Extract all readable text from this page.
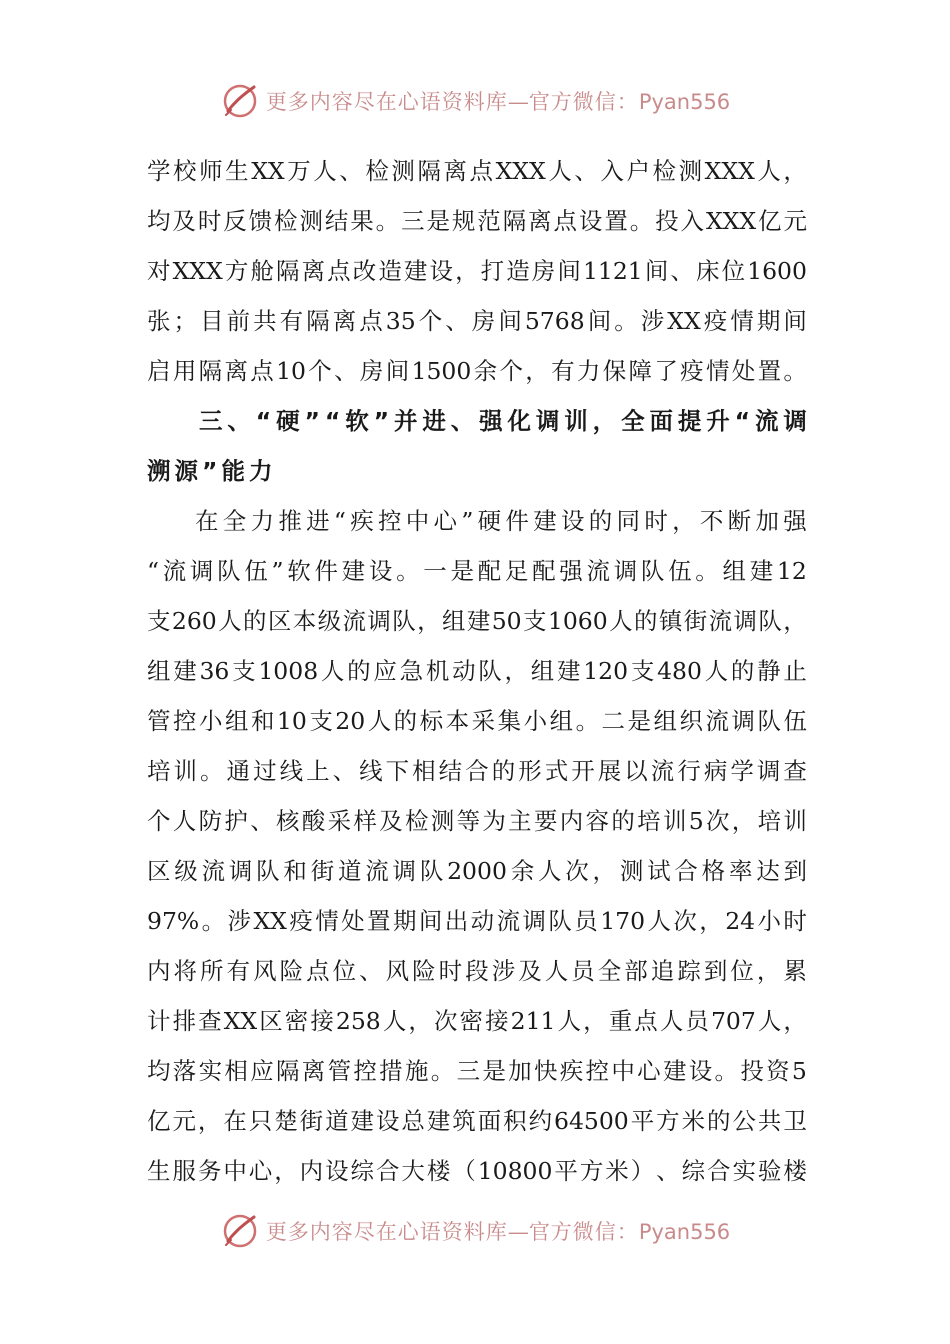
更多内容尽在心语资料库—官方微信：Pyan556
学 校 师 生 XX 万 人 、 检 测 隔 离 点 XXX 人 、 入 户 检 测 XXX 人 ，
均 及 时 反 馈 检 测 结 果 。 三 是 规 范 隔 离 点 设 置 。 投 入 XXX 亿 元
对 XXX 方 舱 隔 离 点 改 造 建 设 ， 打 造 房 间 1121 间 、 床 位 1600
张 ； 目 前 共 有 隔 离 点 35 个 、 房 间 5768 间 。 涉 XX 疫 情 期 间
启 用 隔 离 点 10 个 、 房 间 1500 余 个 ， 有 力 保 障 了 疫 情 处 置 。
三 、 “ 硬 ” “ 软 ” 并 进 、 强 化 调 训 ， 全 面 提 升 “ 流 调
溯 源 ” 能 力
在 全 力 推 进 “ 疾 控 中 心 ” 硬 件 建 设 的 同 时 ， 不 断 加 强
“ 流 调 队 伍 ” 软 件 建 设 。 一 是 配 足 配 强 流 调 队 伍 。 组 建 12
支 260 人 的 区 本 级 流 调 队 ， 组 建 50 支 1060 人 的 镇 街 流 调 队 ，
组 建 36 支 1008 人 的 应 急 机 动 队 ， 组 建 120 支 480 人 的 静 止
管 控 小 组 和 10 支 20 人 的 标 本 采 集 小 组 。 二 是 组 织 流 调 队 伍
培 训 。 通 过 线 上 、 线 下 相 结 合 的 形 式 开 展 以 流 行 病 学 调 查
个 人 防 护 、 核 酸 采 样 及 检 测 等 为 主 要 内 容 的 培 训 5 次 ， 培 训
区 级 流 调 队 和 街 道 流 调 队 2000 余 人 次 ， 测 试 合 格 率 达 到
97% 。 涉 XX 疫 情 处 置 期 间 出 动 流 调 队 员 170 人 次 ， 24 小 时
内 将 所 有 风 险 点 位 、 风 险 时 段 涉 及 人 员 全 部 追 踪 到 位 ， 累
计 排 查 XX 区 密 接 258 人 ， 次 密 接 211 人 ， 重 点 人 员 707 人 ，
均 落 实 相 应 隔 离 管 控 措 施 。 三 是 加 快 疾 控 中 心 建 设 。 投 资 5
亿 元 ， 在 只 楚 街 道 建 设 总 建 筑 面 积 约 64500 平 方 米 的 公 共 卫
生 服 务 中 心 ， 内 设 综 合 大 楼 （ 10800 平 方 米 ） 、 综 合 实 验 楼
更多内容尽在心语资料库—官方微信：Pyan556
